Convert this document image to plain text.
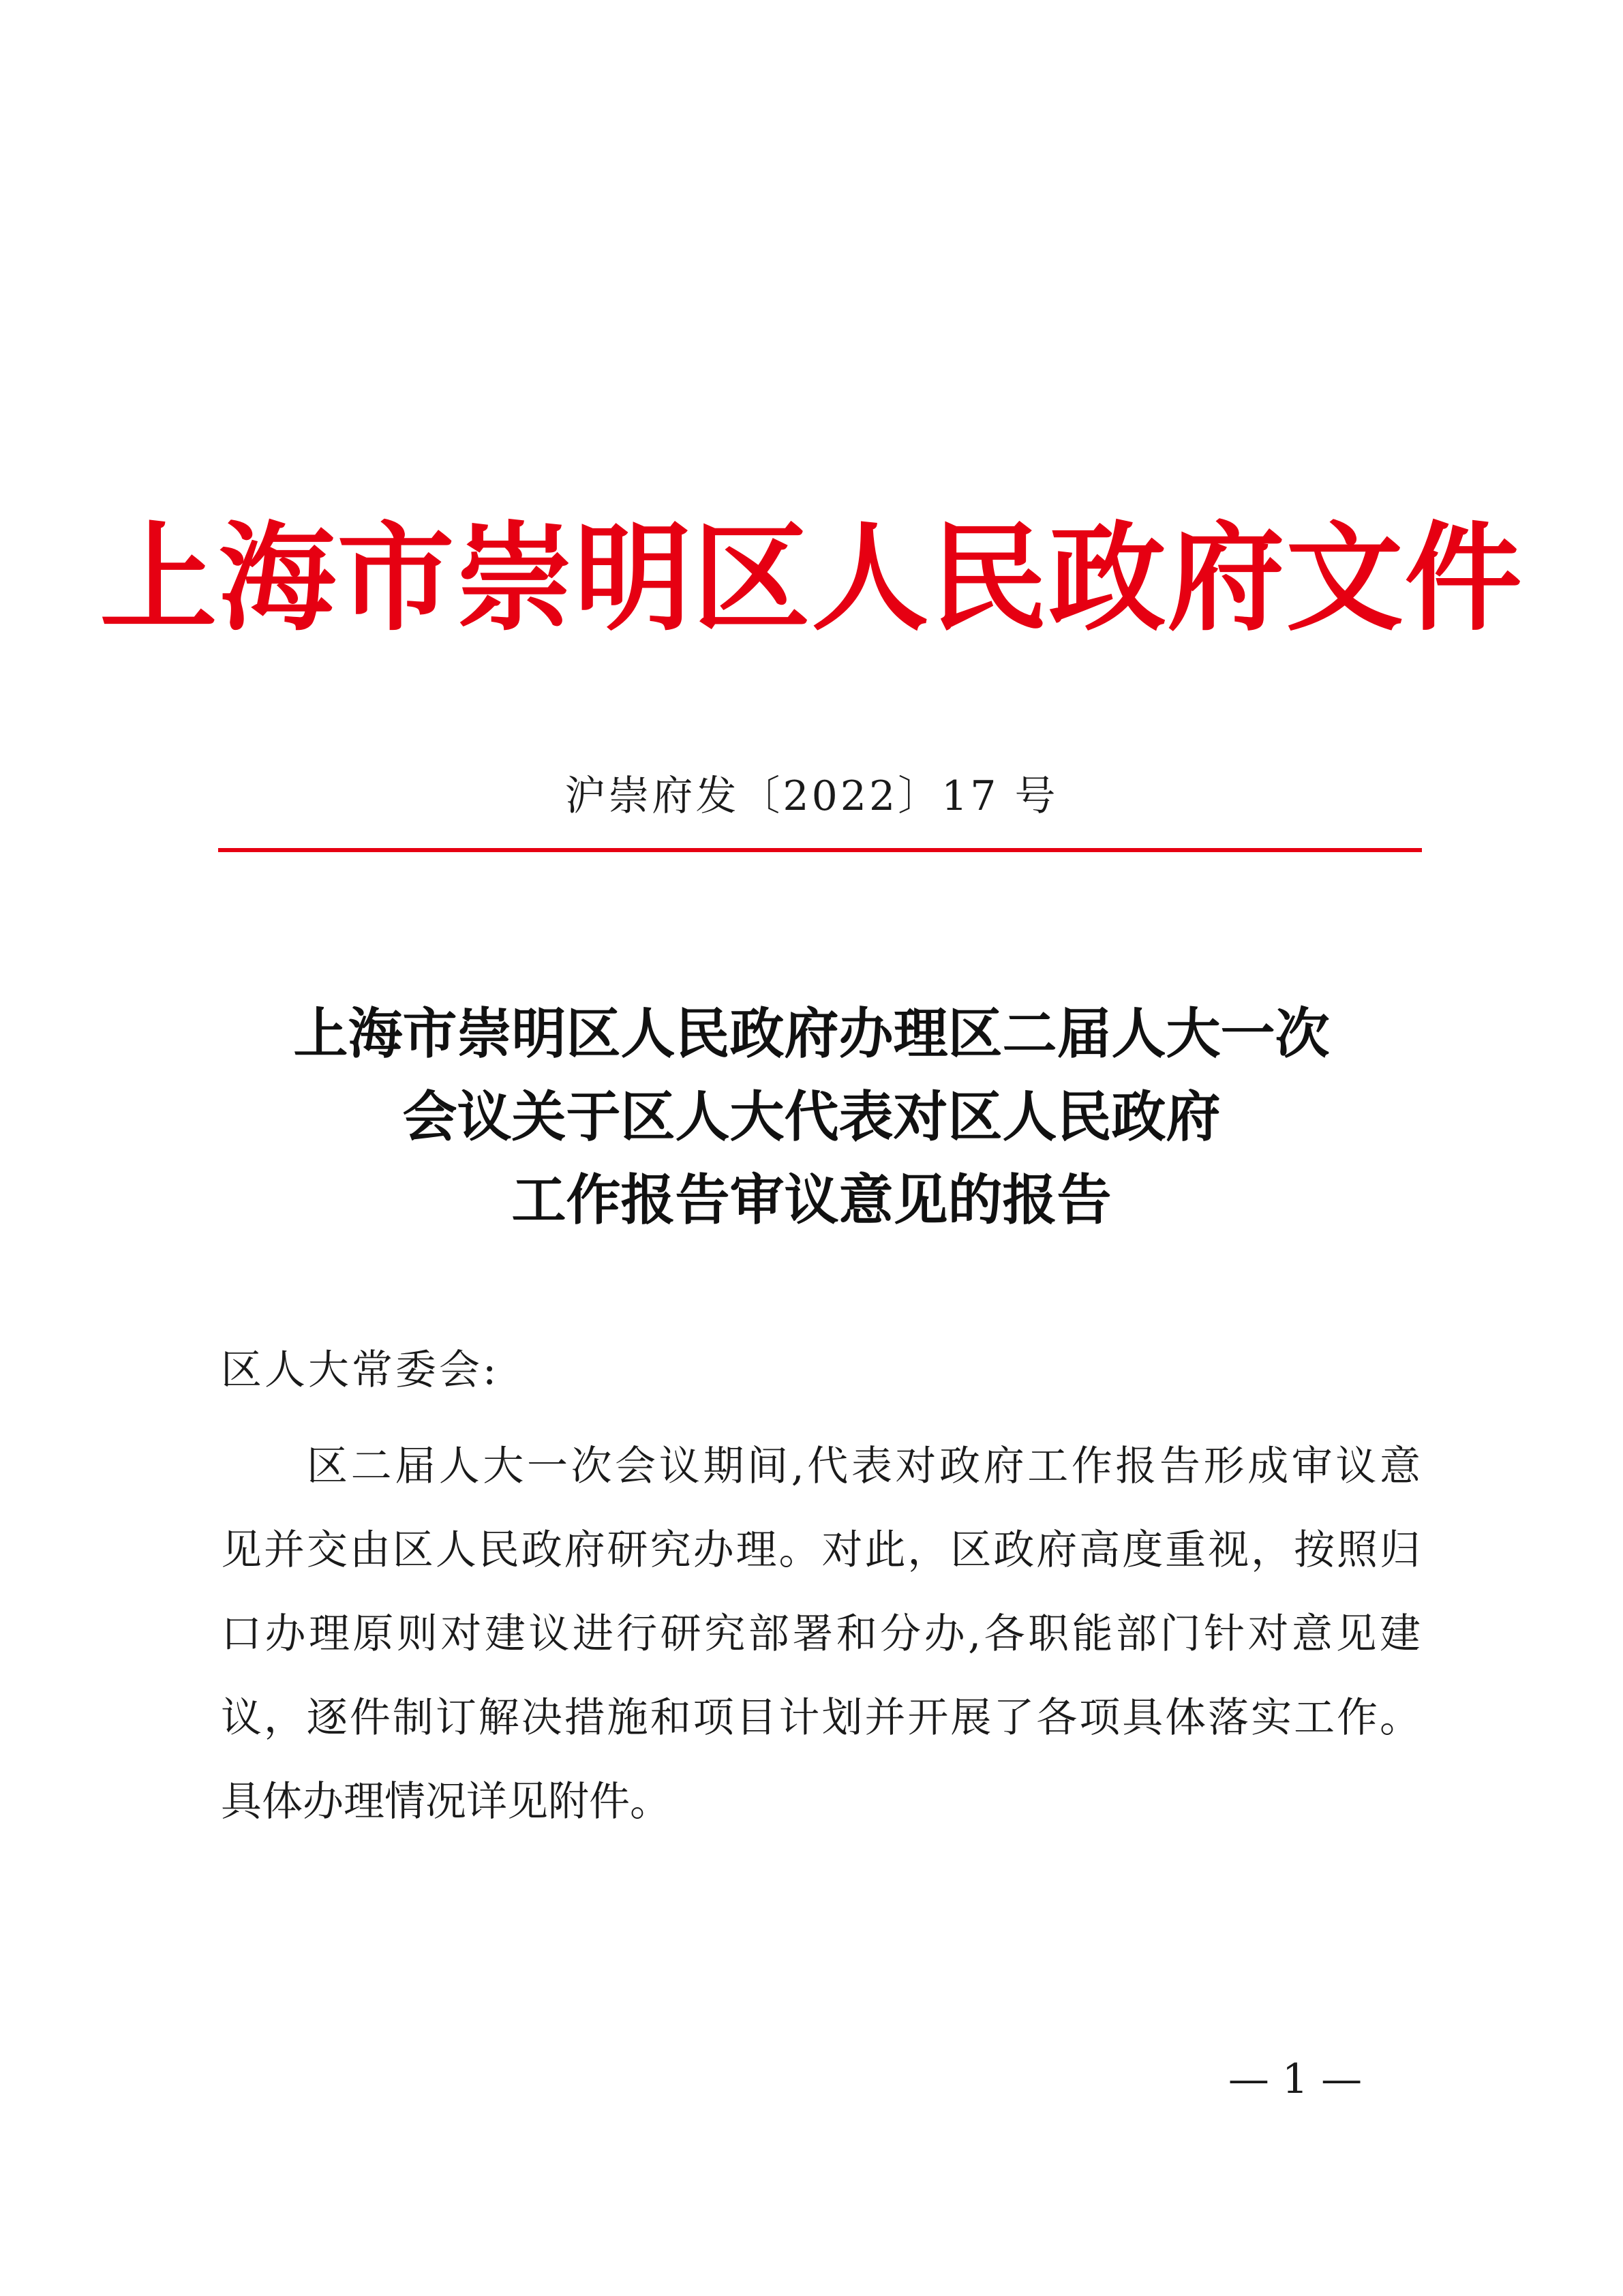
上海市崇明区人民政府文件
沪崇府发〔2022〕17 号
上海市崇明区人民政府办理区二届人大一次
会议关于区人大代表对区人民政府
工作报告审议意见的报告
区人大常委会:
区二届人大一次会议期间,代表对政府工作报告形成审议意
见并交由区人民政府研究办理。对此，区政府高度重视，按照归
口办理原则对建议进行研究部署和分办,各职能部门针对意见建
议，逐件制订解决措施和项目计划并开展了各项具体落实工作。
具体办理情况详见附件。
— 1 —
